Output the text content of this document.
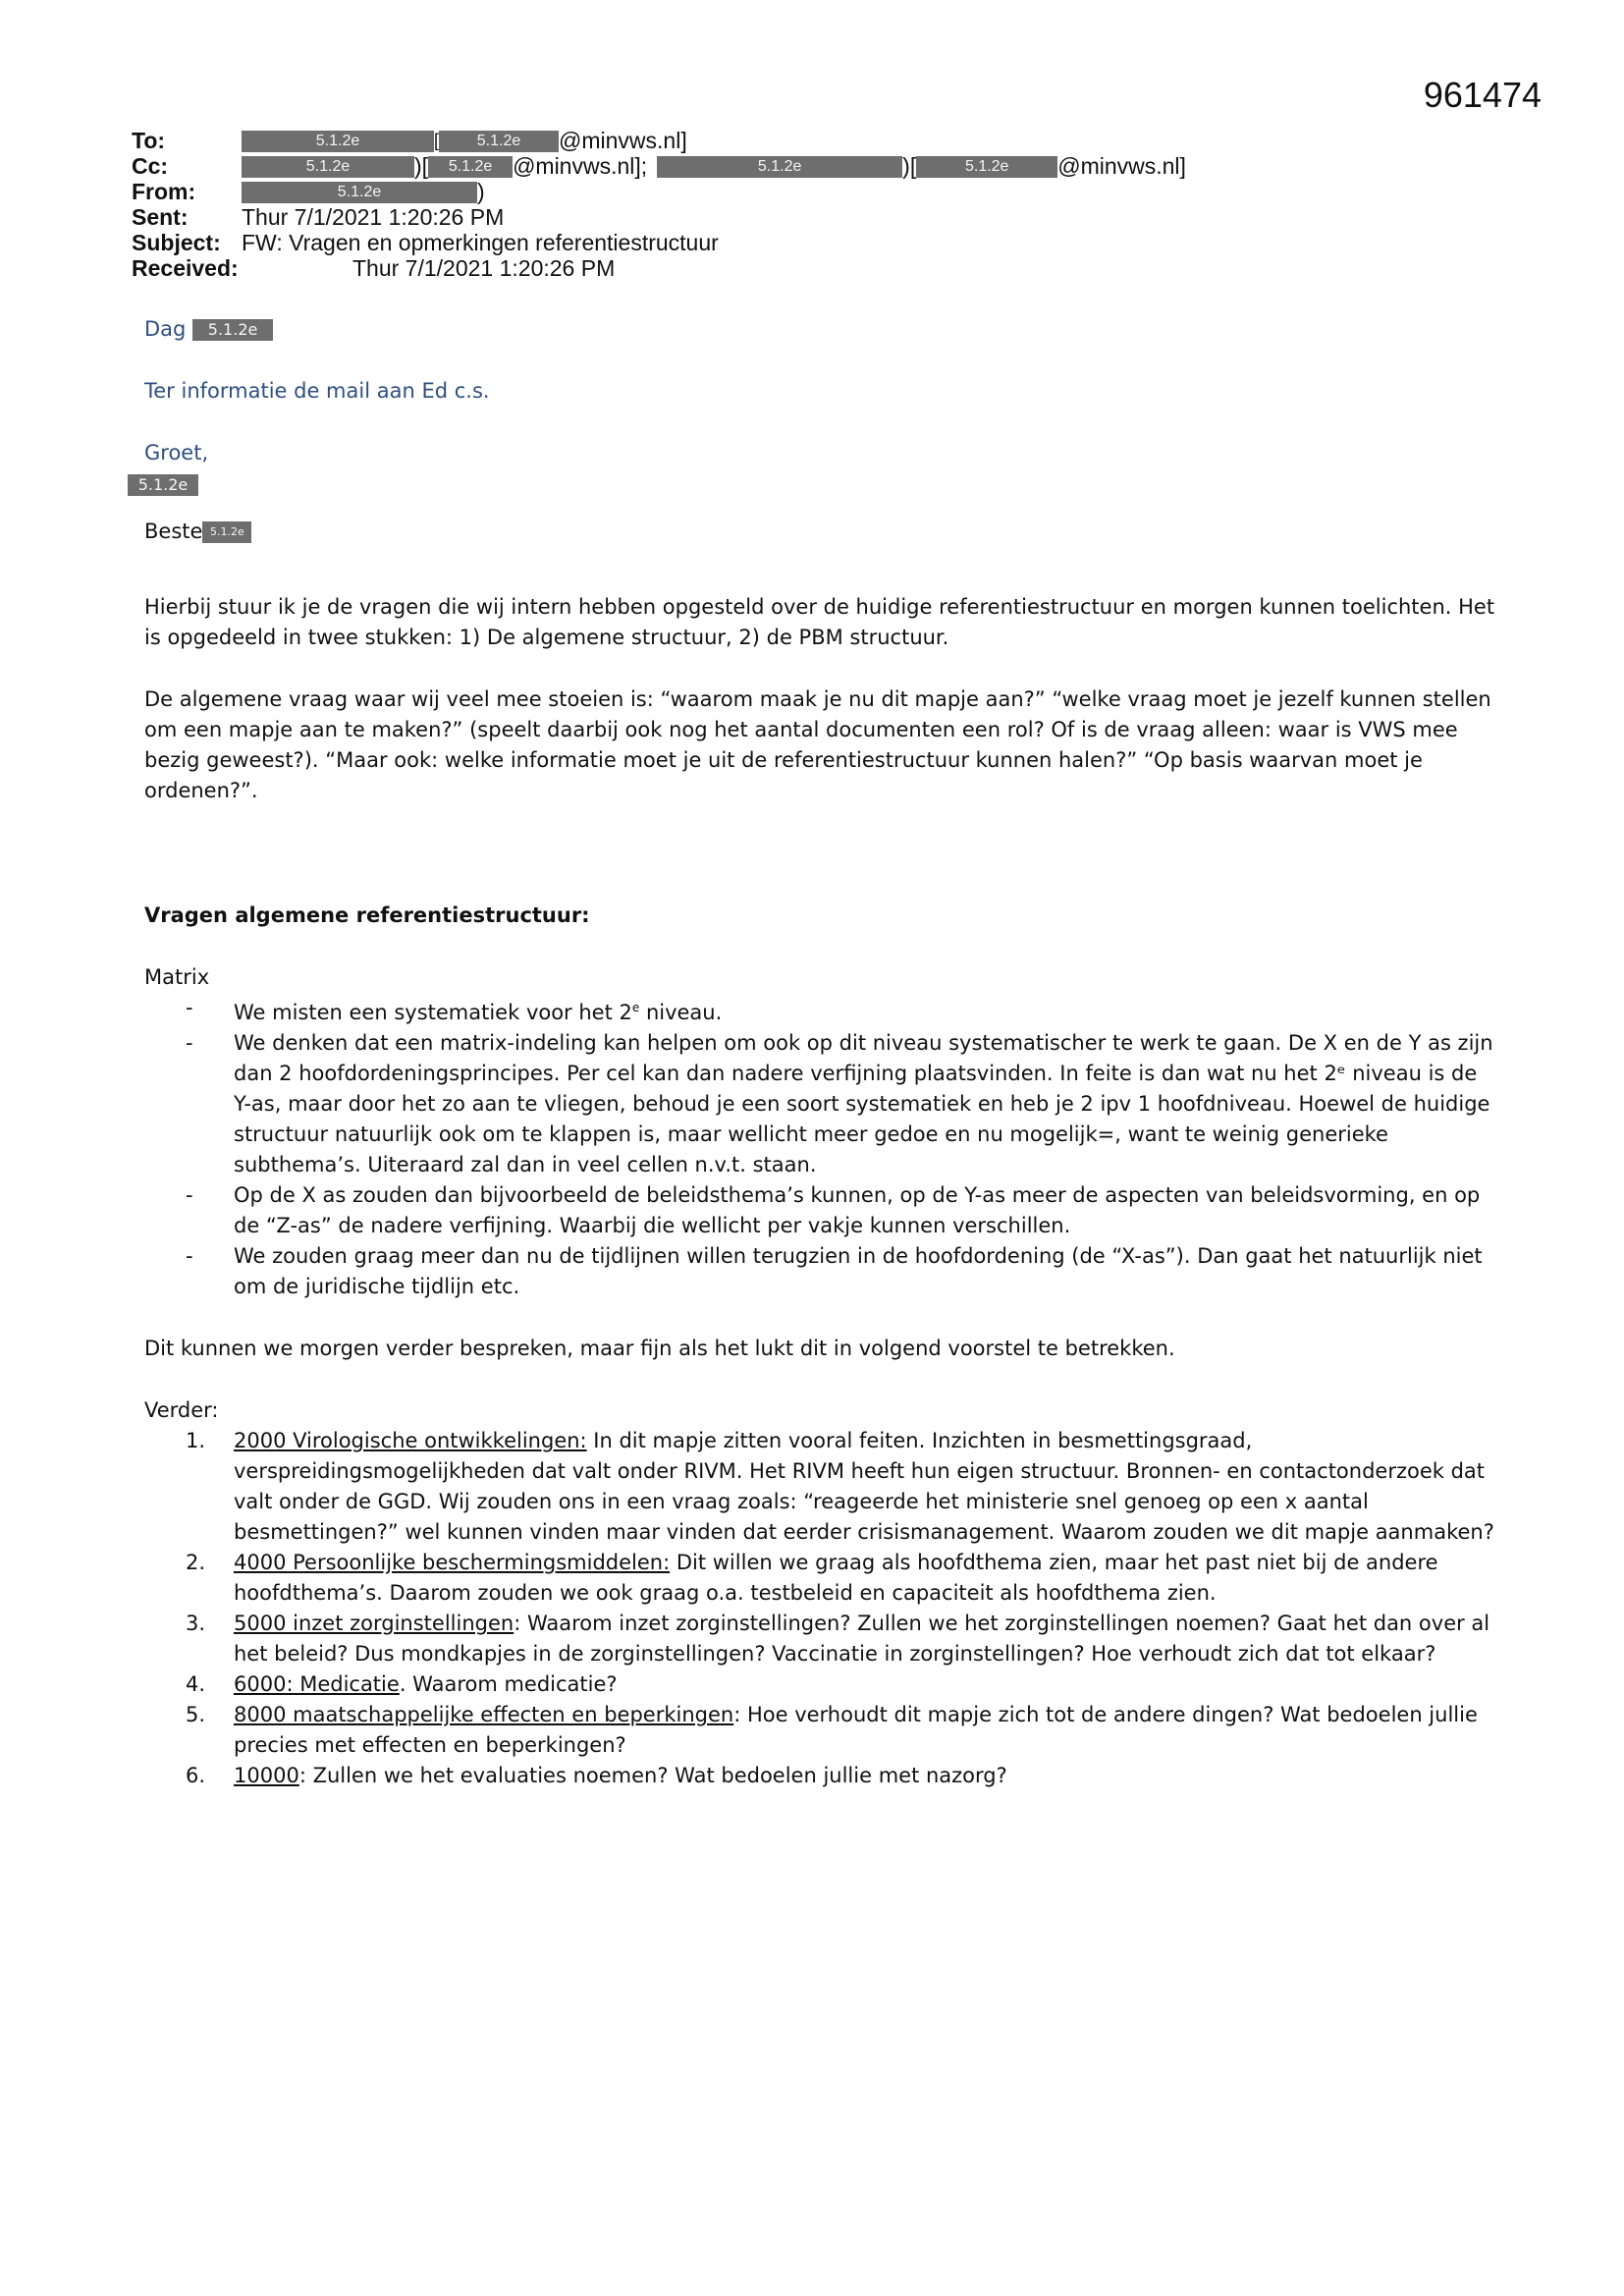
961474
To:	5.1.2e	[	5.1.2e	@minvws.nl]
Cc:	5.1.2e	)[	5.1.2e @minvws.nl];	5.1.2e	)[	5.1.2e	@minvws.nl]
From:	5.1.2e	)
Sent: Thur 7/1/2021 1:20:26 PM
Subject: FW: Vragen en opmerkingen referentiestructuur
Received:	Thur 7/1/2021 1:20:26 PM

Dag 5.1.2e

Ter informatie de mail aan Ed c.s.

Groet,

5.1.2e

Beste 5.1.2e

Hierbij stuur ik je de vragen die wij intern hebben opgesteld over de huidige referentiestructuur en morgen kunnen toelichten. Het is opgedeeld in twee stukken: 1) De algemene structuur, 2) de PBM structuur.

De algemene vraag waar wij veel mee stoeien is: “waarom maak je nu dit mapje aan?” “welke vraag moet je jezelf kunnen stellen om een mapje aan te maken?” (speelt daarbij ook nog het aantal documenten een rol? Of is de vraag alleen: waar is VWS mee bezig geweest?). “Maar ook: welke informatie moet je uit de referentiestructuur kunnen halen?” “Op basis waarvan moet je ordenen?”.

Vragen algemene referentiestructuur:

Matrix

- We misten een systematiek voor het 2e niveau.
- We denken dat een matrix-indeling kan helpen om ook op dit niveau systematischer te werk te gaan. De X en de Y as zijn dan 2 hoofdordeningsprincipes. Per cel kan dan nadere verfijning plaatsvinden. In feite is dan wat nu het 2ᵉ niveau is de Y-as, maar door het zo aan te vliegen, behoud je een soort systematiek en heb je 2 ipv 1 hoofdniveau. Hoewel de huidige structuur natuurlijk ook om te klappen is, maar wellicht meer gedoe en nu mogelijk=, want te weinig generieke subthema’s. Uiteraard zal dan in veel cellen n.v.t. staan.
- Op de X as zouden dan bijvoorbeeld de beleidsthema’s kunnen, op de Y-as meer de aspecten van beleidsvorming, en op de “Z-as” de nadere verfijning. Waarbij die wellicht per vakje kunnen verschillen.
- We zouden graag meer dan nu de tijdlijnen willen terugzien in de hoofdordening (de “X-as”). Dan gaat het natuurlijk niet om de juridische tijdlijn etc.

Dit kunnen we morgen verder bespreken, maar fijn als het lukt dit in volgend voorstel te betrekken.

Verder:

1. 2000 Virologische ontwikkelingen: In dit mapje zitten vooral feiten. Inzichten in besmettingsgraad, verspreidingsmogelijkheden dat valt onder RIVM. Het RIVM heeft hun eigen structuur. Bronnen- en contactonderzoek dat valt onder de GGD. Wij zouden ons in een vraag zoals: “reageerde het ministerie snel genoeg op een x aantal besmettingen?” wel kunnen vinden maar vinden dat eerder crisismanagement. Waarom zouden we dit mapje aanmaken?
2. 4000 Persoonlijke beschermingsmiddelen: Dit willen we graag als hoofdthema zien, maar het past niet bij de andere hoofdthema’s. Daarom zouden we ook graag o.a. testbeleid en capaciteit als hoofdthema zien.
3. 5000 inzet zorginstellingen: Waarom inzet zorginstellingen? Zullen we het zorginstellingen noemen? Gaat het dan over al het beleid? Dus mondkapjes in de zorginstellingen? Vaccinatie in zorginstellingen? Hoe verhoudt zich dat tot elkaar?
4. 6000: Medicatie. Waarom medicatie?
5. 8000 maatschappelijke effecten en beperkingen: Hoe verhoudt dit mapje zich tot de andere dingen? Wat bedoelen jullie precies met effecten en beperkingen?
6. 10000: Zullen we het evaluaties noemen? Wat bedoelen jullie met nazorg?
